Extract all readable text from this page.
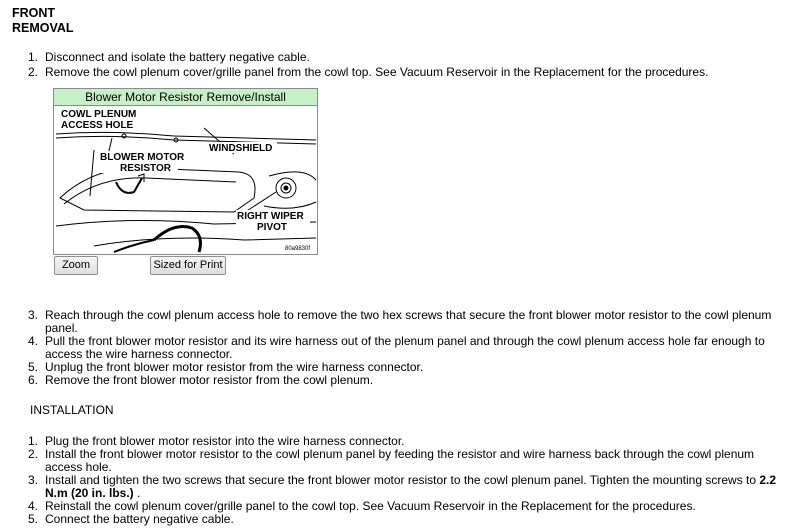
FRONT
REMOVAL
1. Disconnect and isolate the battery negative cable.
2. Remove the cowl plenum cover/grille panel from the cowl top. See Vacuum Reservoir in the Replacement for the procedures.
Blower Motor Resistor Remove/Install
COWL PLENUM
ACCESS HOLE
BLOWER MOTOR
RESISTOR
WINDSHIELD
RIGHT WIPER
PIVOT
80a9830f
Zoom	Sized for Print
3. Reach through the cowl plenum access hole to remove the two hex screws that secure the front blower motor resistor to the cowl plenum panel.
4. Pull the front blower motor resistor and its wire harness out of the plenum panel and through the cowl plenum access hole far enough to access the wire harness connector.
5. Unplug the front blower motor resistor from the wire harness connector.
6. Remove the front blower motor resistor from the cowl plenum.
INSTALLATION
1. Plug the front blower motor resistor into the wire harness connector.
2. Install the front blower motor resistor to the cowl plenum panel by feeding the resistor and wire harness back through the cowl plenum access hole.
3. Install and tighten the two screws that secure the front blower motor resistor to the cowl plenum panel. Tighten the mounting screws to 2.2 N.m (20 in. lbs.) .
4. Reinstall the cowl plenum cover/grille panel to the cowl top. See Vacuum Reservoir in the Replacement for the procedures.
5. Connect the battery negative cable.
